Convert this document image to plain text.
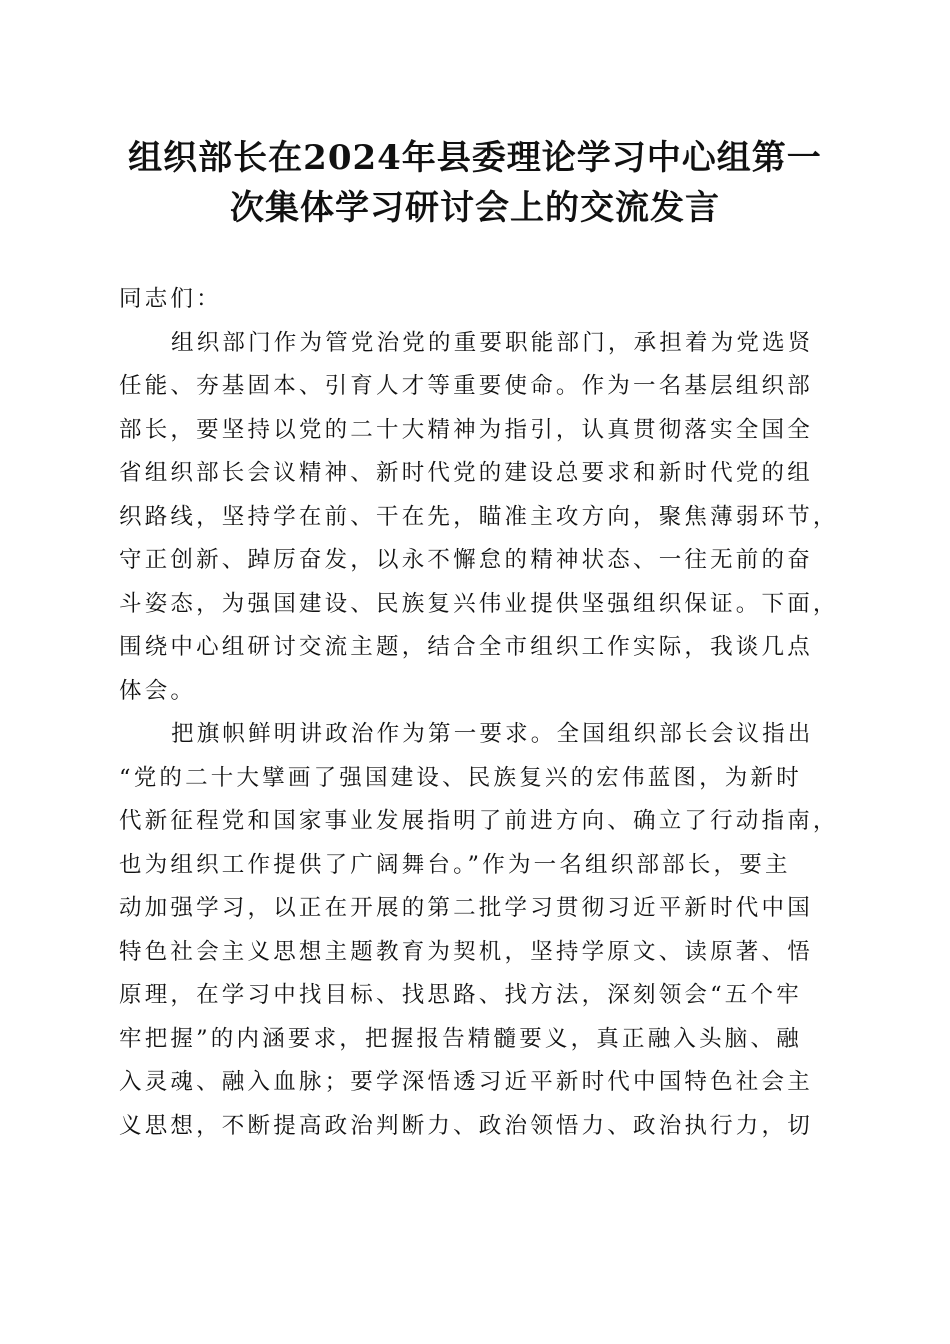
组织部长在2024年县委理论学习中心组第一
次集体学习研讨会上的交流发言
同志们：
组织部门作为管党治党的重要职能部门，承担着为党选贤
任能、夯基固本、引育人才等重要使命。作为一名基层组织部
部长，要坚持以党的二十大精神为指引，认真贯彻落实全国全
省组织部长会议精神、新时代党的建设总要求和新时代党的组
织路线，坚持学在前、干在先，瞄准主攻方向，聚焦薄弱环节，
守正创新、踔厉奋发，以永不懈怠的精神状态、一往无前的奋
斗姿态，为强国建设、民族复兴伟业提供坚强组织保证。下面，
围绕中心组研讨交流主题，结合全市组织工作实际，我谈几点
体会。
把旗帜鲜明讲政治作为第一要求。全国组织部长会议指出
“党的二十大擘画了强国建设、民族复兴的宏伟蓝图，为新时
代新征程党和国家事业发展指明了前进方向、确立了行动指南，
也为组织工作提供了广阔舞台。”作为一名组织部部长，要主
动加强学习，以正在开展的第二批学习贯彻习近平新时代中国
特色社会主义思想主题教育为契机，坚持学原文、读原著、悟
原理，在学习中找目标、找思路、找方法，深刻领会“五个牢
牢把握”的内涵要求，把握报告精髓要义，真正融入头脑、融
入灵魂、融入血脉；要学深悟透习近平新时代中国特色社会主
义思想，不断提高政治判断力、政治领悟力、政治执行力，切
